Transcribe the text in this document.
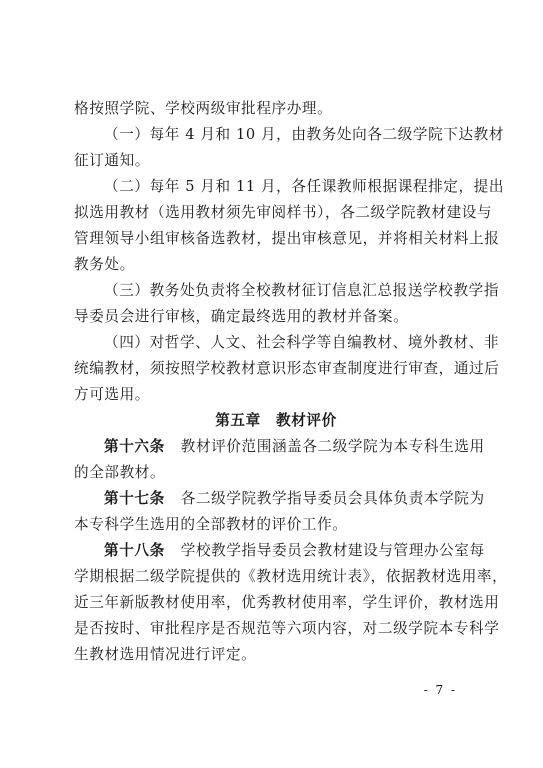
格按照学院、学校两级审批程序办理。
（一）每年 4 月和 10 月，由教务处向各二级学院下达教材
征订通知。
（二）每年 5 月和 11 月，各任课教师根据课程排定，提出
拟选用教材（选用教材须先审阅样书），各二级学院教材建设与
管理领导小组审核备选教材，提出审核意见，并将相关材料上报
教务处。
（三）教务处负责将全校教材征订信息汇总报送学校教学指
导委员会进行审核，确定最终选用的教材并备案。
（四）对哲学、人文、社会科学等自编教材、境外教材、非
统编教材，须按照学校教材意识形态审查制度进行审查，通过后
方可选用。
第五章　教材评价
第十六条 教材评价范围涵盖各二级学院为本专科生选用
的全部教材。
第十七条 各二级学院教学指导委员会具体负责本学院为
本专科学生选用的全部教材的评价工作。
第十八条 学校教学指导委员会教材建设与管理办公室每
学期根据二级学院提供的《教材选用统计表》，依据教材选用率，
近三年新版教材使用率，优秀教材使用率，学生评价，教材选用
是否按时、审批程序是否规范等六项内容，对二级学院本专科学
生教材选用情况进行评定。
- 7 -
